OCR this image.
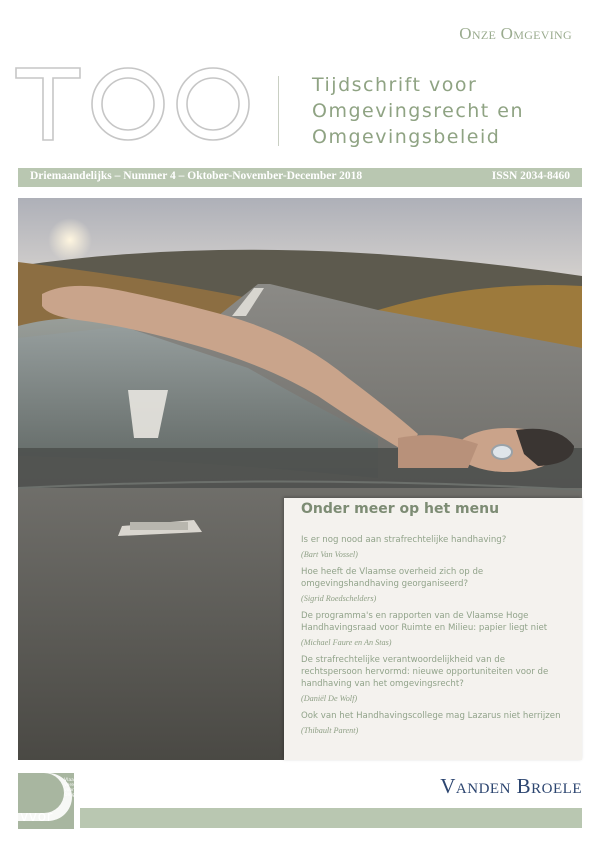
Onze Omgeving
TOO
Tijdschrift voor
Omgevingsrecht en
Omgevingsbeleid
Driemaandelijks – Nummer 4 – Oktober-November-December 2018	ISSN 2034-8460
Onder meer op het menu
Is er nog nood aan strafrechtelijke handhaving?
(Bart Van Vossel)
Hoe heeft de Vlaamse overheid zich op de omgevingshandhaving georganiseerd?
(Sigrid Roedschelders)
De programma's en rapporten van de Vlaamse Hoge Handhavingsraad voor Ruimte en Milieu: papier liegt niet
(Michael Faure en An Stas)
De strafrechtelijke verantwoordelijkheid van de rechtspersoon hervormd: nieuwe opportuniteiten voor de handhaving van het omgevingsrecht?
(Daniël De Wolf)
Ook van het Handhavingscollege mag Lazarus niet herrijzen
(Thibault Parent)
Vlaamse
Vereniging voor
Omgevingsrecht
vvor
Vanden Broele
